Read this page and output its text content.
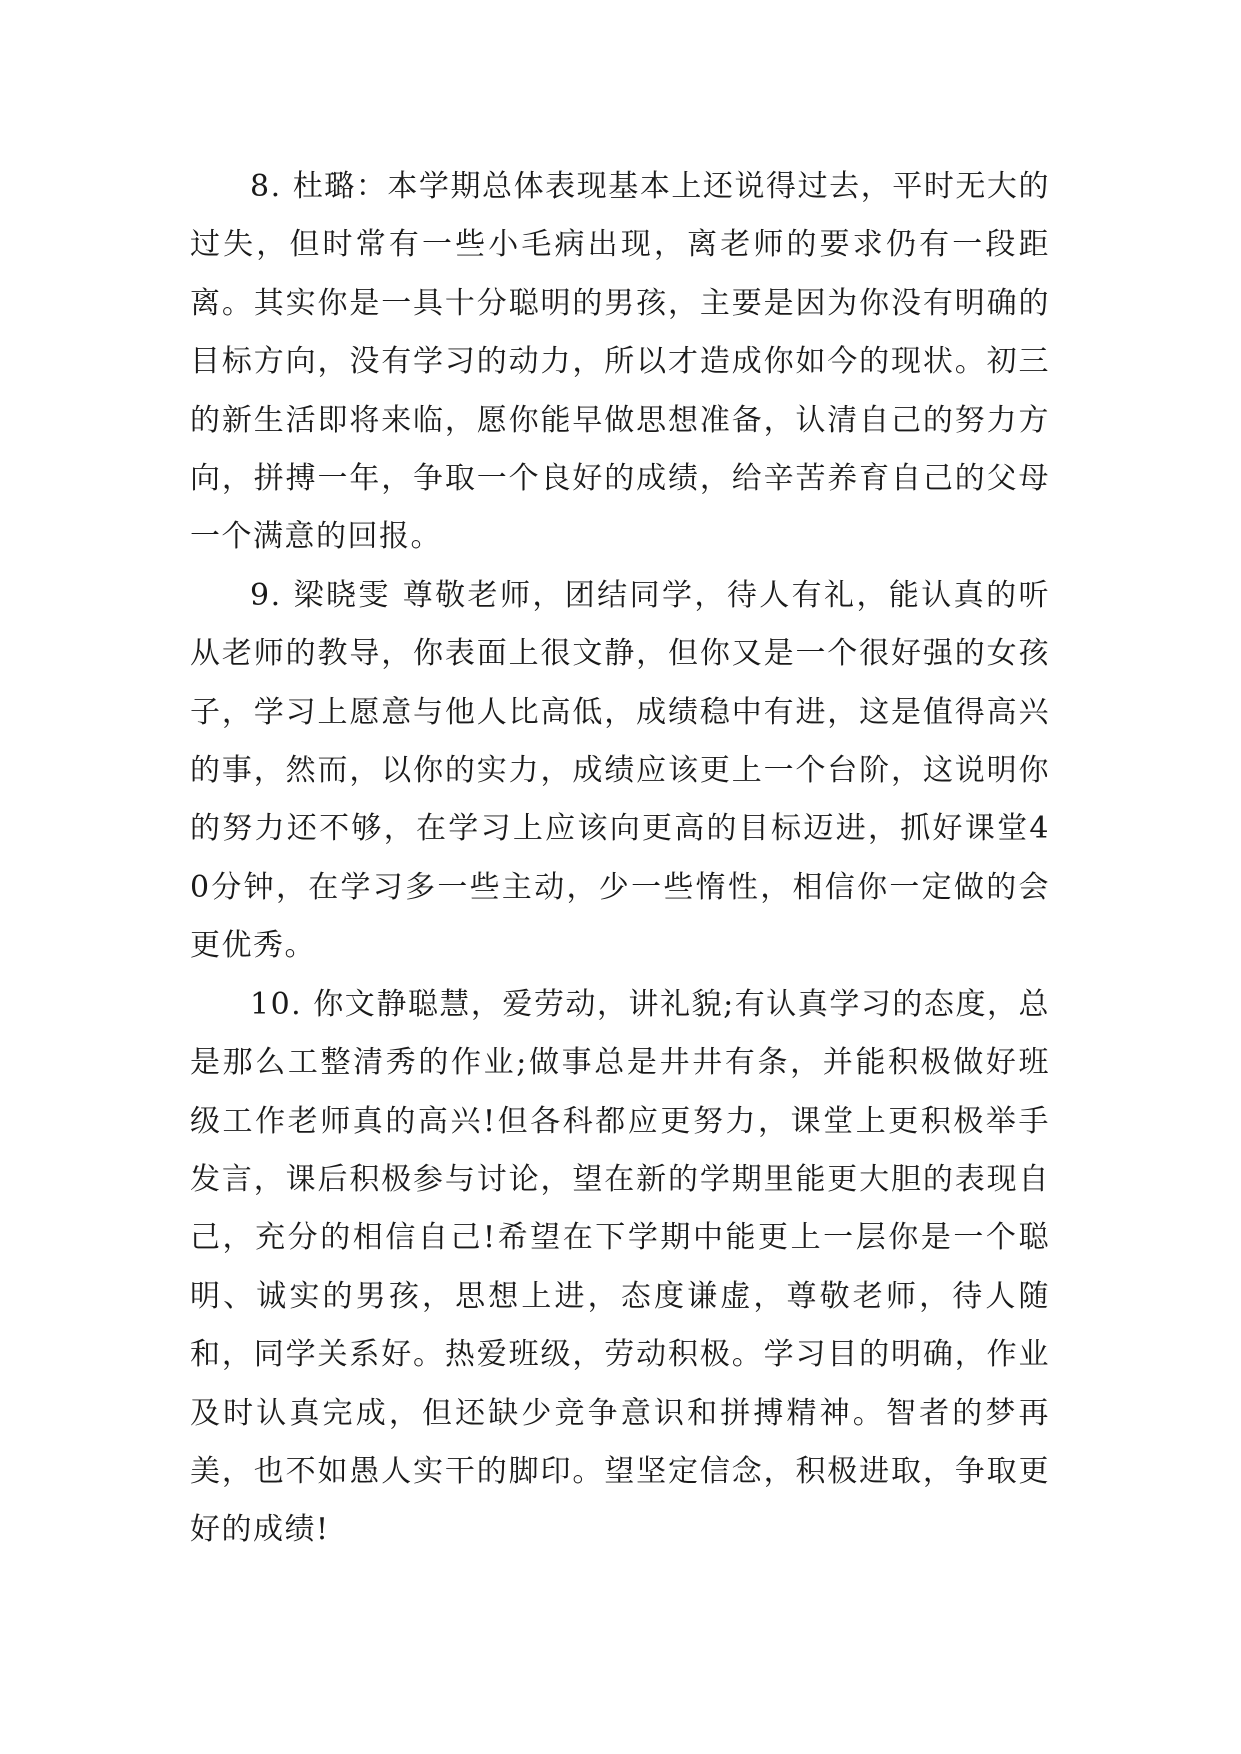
8. 杜璐：本学期总体表现基本上还说得过去，平时无大的过失，但时常有一些小毛病出现，离老师的要求仍有一段距离。其实你是一具十分聪明的男孩，主要是因为你没有明确的目标方向，没有学习的动力，所以才造成你如今的现状。初三的新生活即将来临，愿你能早做思想准备，认清自己的努力方向，拼搏一年，争取一个良好的成绩，给辛苦养育自己的父母一个满意的回报。

9. 梁晓雯 尊敬老师，团结同学，待人有礼，能认真的听从老师的教导，你表面上很文静，但你又是一个很好强的女孩子，学习上愿意与他人比高低，成绩稳中有进，这是值得高兴的事，然而，以你的实力，成绩应该更上一个台阶，这说明你的努力还不够，在学习上应该向更高的目标迈进，抓好课堂40分钟，在学习多一些主动，少一些惰性，相信你一定做的会更优秀。

10. 你文静聪慧，爱劳动，讲礼貌;有认真学习的态度，总是那么工整清秀的作业;做事总是井井有条，并能积极做好班级工作老师真的高兴!但各科都应更努力，课堂上更积极举手发言，课后积极参与讨论，望在新的学期里能更大胆的表现自己，充分的相信自己!希望在下学期中能更上一层你是一个聪明、诚实的男孩，思想上进，态度谦虚，尊敬老师，待人随和，同学关系好。热爱班级，劳动积极。学习目的明确，作业及时认真完成，但还缺少竞争意识和拼搏精神。智者的梦再美，也不如愚人实干的脚印。望坚定信念，积极进取，争取更好的成绩!
